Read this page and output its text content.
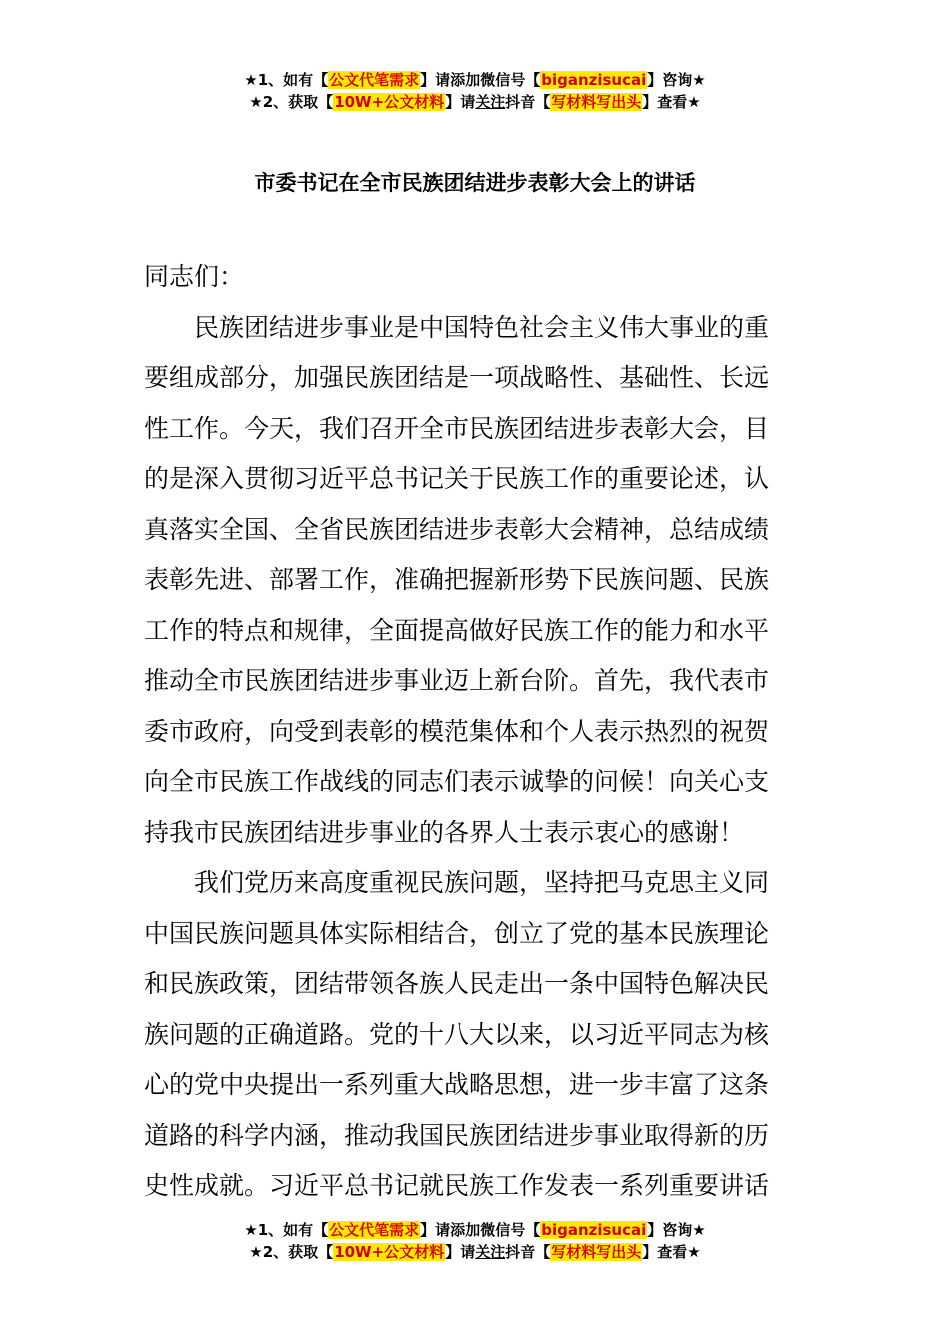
★1、如有【公文代笔需求】请添加微信号【biganzisucai】咨询★
★2、获取【10W+公文材料】请关注抖音【写材料写出头】查看★
市委书记在全市民族团结进步表彰大会上的讲话
同志们：
民族团结进步事业是中国特色社会主义伟大事业的重
要组成部分，加强民族团结是一项战略性、基础性、长远
性工作。今天，我们召开全市民族团结进步表彰大会，目
的是深入贯彻习近平总书记关于民族工作的重要论述，认
真落实全国、全省民族团结进步表彰大会精神，总结成绩
表彰先进、部署工作，准确把握新形势下民族问题、民族
工作的特点和规律，全面提高做好民族工作的能力和水平
推动全市民族团结进步事业迈上新台阶。首先，我代表市
委市政府，向受到表彰的模范集体和个人表示热烈的祝贺
向全市民族工作战线的同志们表示诚挚的问候！向关心支
持我市民族团结进步事业的各界人士表示衷心的感谢！
我们党历来高度重视民族问题，坚持把马克思主义同
中国民族问题具体实际相结合，创立了党的基本民族理论
和民族政策，团结带领各族人民走出一条中国特色解决民
族问题的正确道路。党的十八大以来，以习近平同志为核
心的党中央提出一系列重大战略思想，进一步丰富了这条
道路的科学内涵，推动我国民族团结进步事业取得新的历
史性成就。习近平总书记就民族工作发表一系列重要讲话
★1、如有【公文代笔需求】请添加微信号【biganzisucai】咨询★
★2、获取【10W+公文材料】请关注抖音【写材料写出头】查看★
